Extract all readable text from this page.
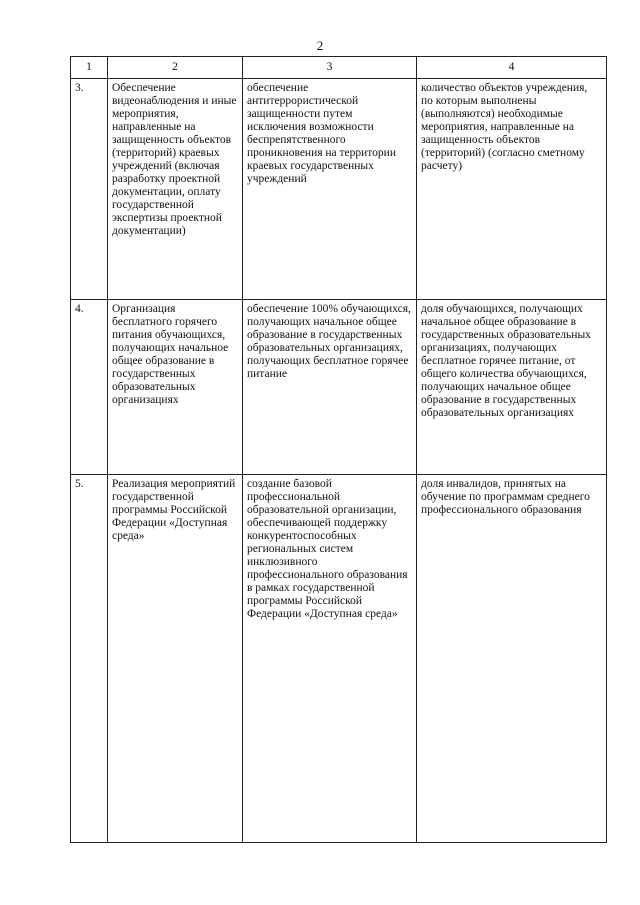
2
1	2	3	4
3.	Обеспечение видеонаблюдения и иные мероприятия, направленные на защищенность объектов (территорий) краевых учреждений (включая разработку проектной документации, оплату государственной экспертизы проектной документации)	обеспечение антитеррористической защищенности путем исключения возможности беспрепятственного проникновения на территории краевых государственных учреждений	количество объектов учреждения, по которым выполнены (выполняются) необходимые мероприятия, направленные на защищенность объектов (территорий) (согласно сметному расчету)

4.	Организация бесплатного горячего питания обучающихся, получающих начальное общее образование в государственных образовательных организациях	обеспечение 100% обучающихся, получающих начальное общее образование в государственных образовательных организациях, получающих бесплатное горячее питание	доля обучающихся, получающих начальное общее образование в государственных образовательных организациях, получающих бесплатное горячее питание, от общего количества обучающихся, получающих начальное общее образование в государственных образовательных организациях

5.	Реализация мероприятий государственной программы Российской Федерации «Доступная среда»	создание базовой профессиональной образовательной организации, обеспечивающей поддержку конкурентоспособных региональных систем инклюзивного профессионального образования в рамках государственной программы Российской Федерации «Доступная среда»	доля инвалидов, принятых на обучение по программам среднего профессионального образования
